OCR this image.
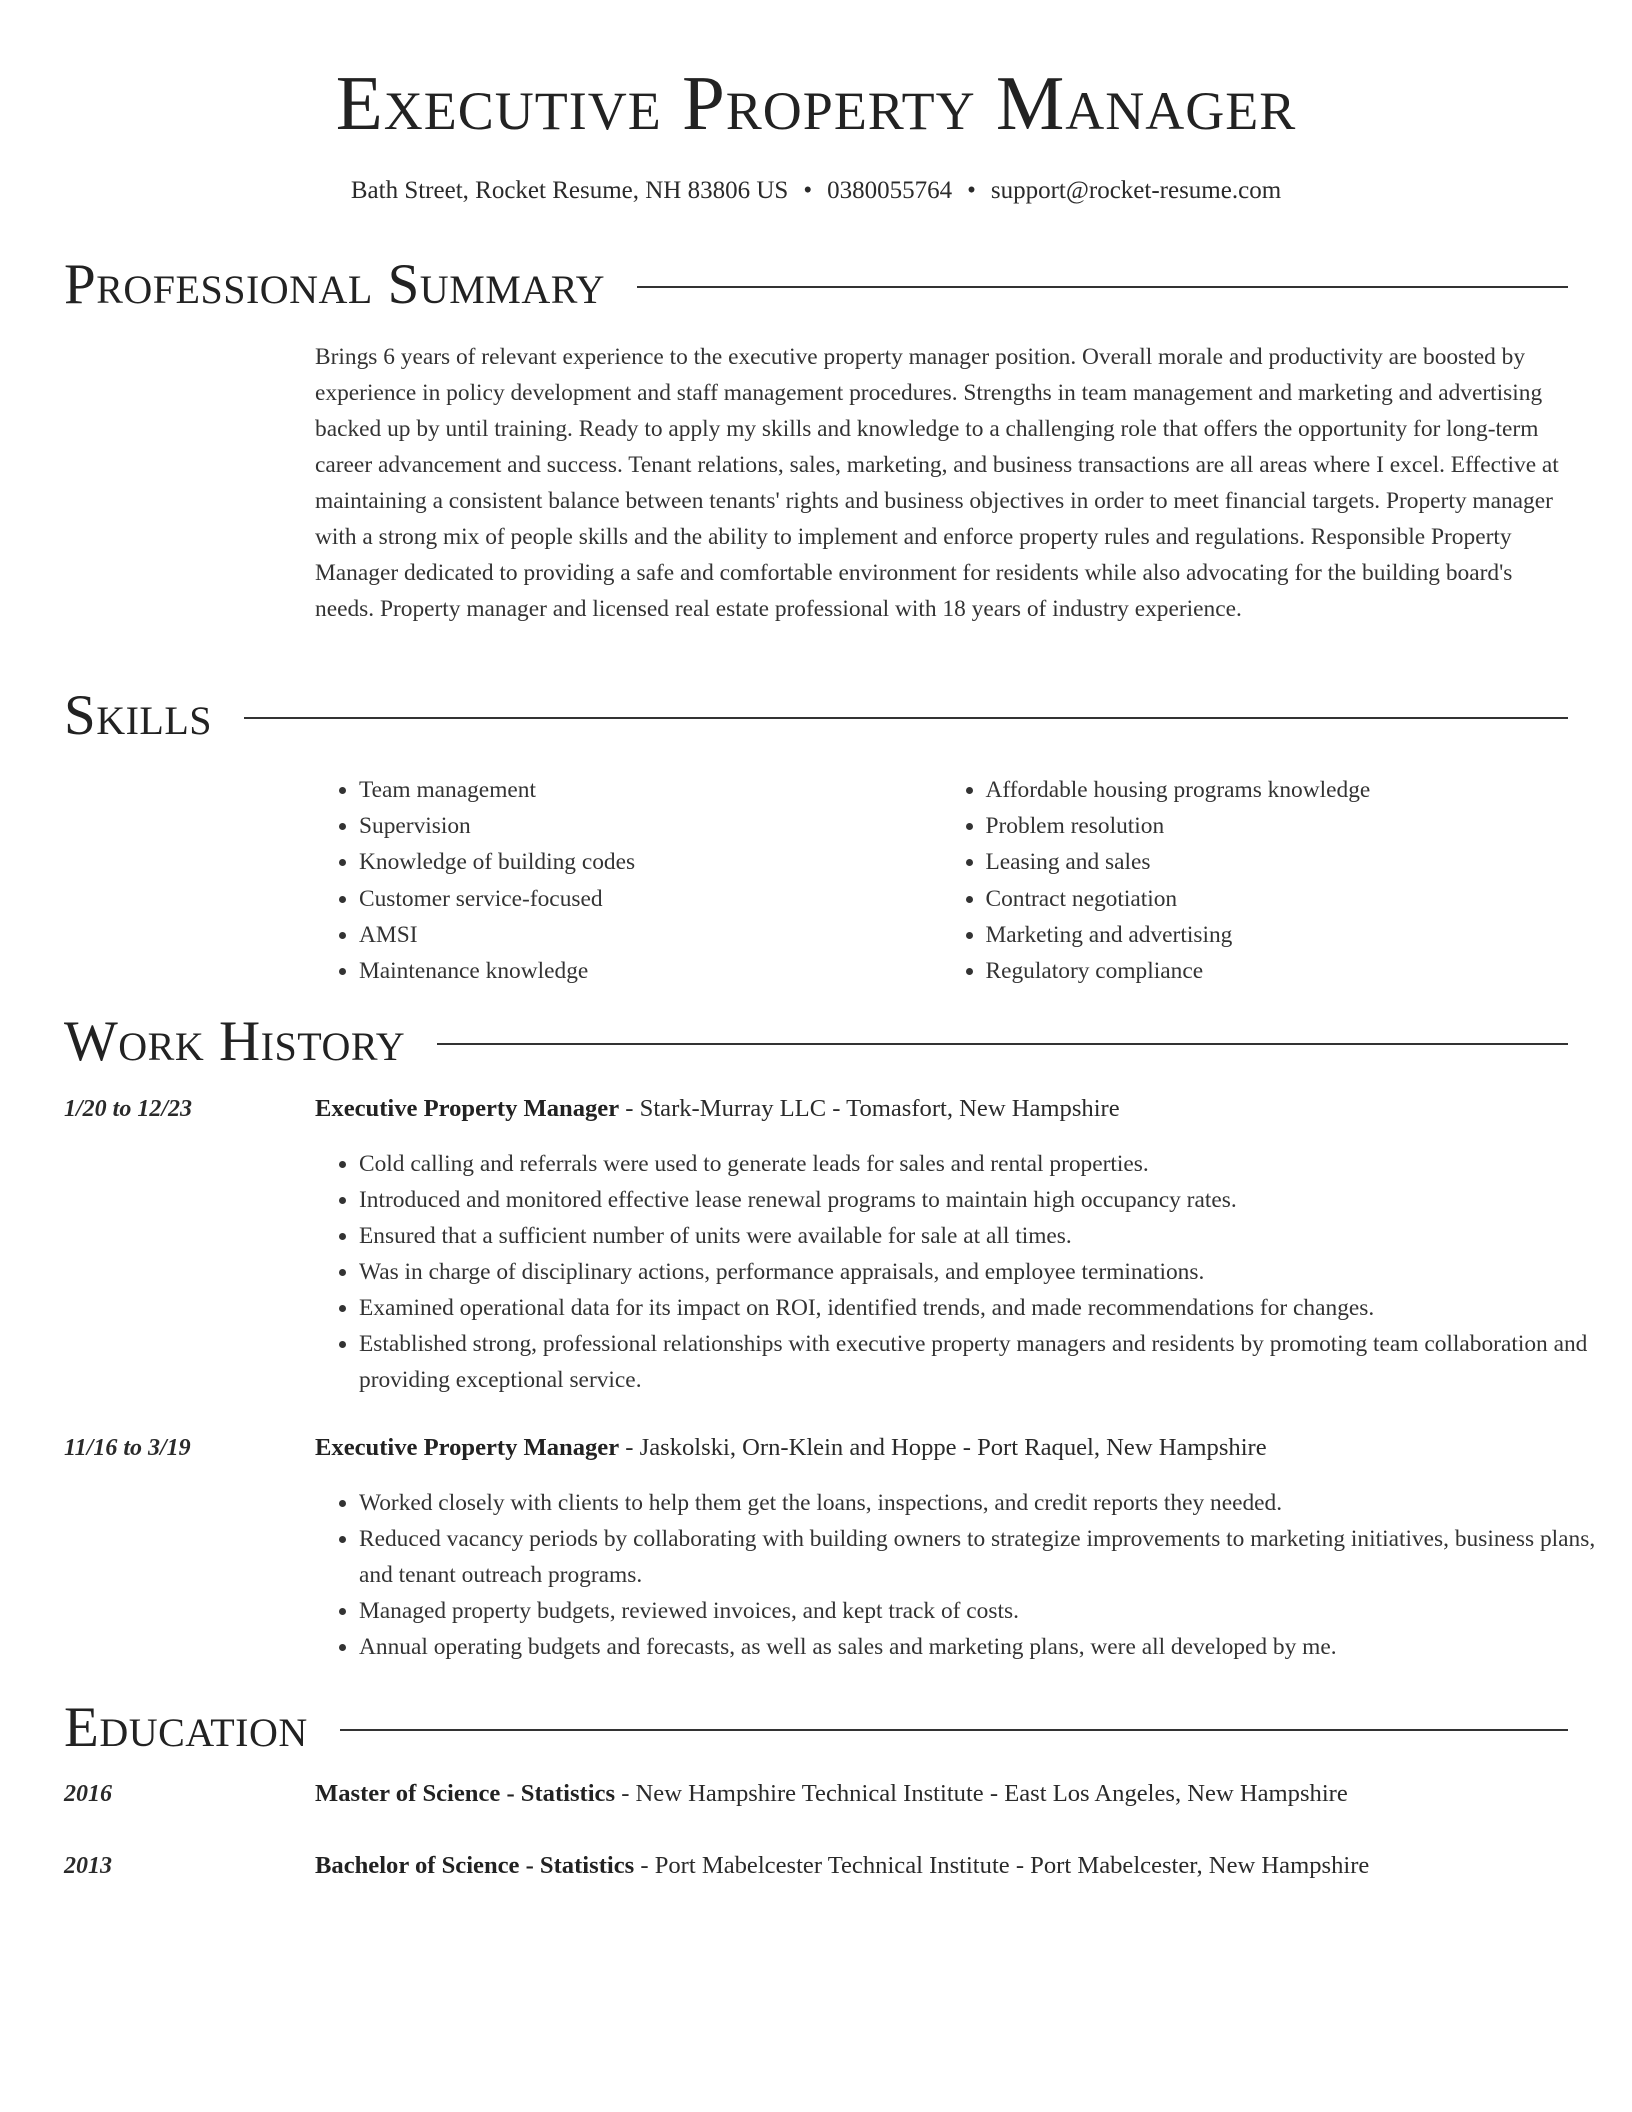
Executive Property Manager
Bath Street, Rocket Resume, NH 83806 US • 0380055764 • support@rocket-resume.com
Professional Summary

Brings 6 years of relevant experience to the executive property manager position. Overall morale and productivity are boosted by experience in policy development and staff management procedures. Strengths in team management and marketing and advertising backed up by until training. Ready to apply my skills and knowledge to a challenging role that offers the opportunity for long-term career advancement and success. Tenant relations, sales, marketing, and business transactions are all areas where I excel. Effective at maintaining a consistent balance between tenants' rights and business objectives in order to meet financial targets. Property manager with a strong mix of people skills and the ability to implement and enforce property rules and regulations. Responsible Property Manager dedicated to providing a safe and comfortable environment for residents while also advocating for the building board's needs. Property manager and licensed real estate professional with 18 years of industry experience.

Skills
• Team management
• Supervision
• Knowledge of building codes
• Customer service-focused
• AMSI
• Maintenance knowledge
• Affordable housing programs knowledge
• Problem resolution
• Leasing and sales
• Contract negotiation
• Marketing and advertising
• Regulatory compliance
Work History
1/20 to 12/23	Executive Property Manager - Stark-Murray LLC - Tomasfort, New Hampshire
• Cold calling and referrals were used to generate leads for sales and rental properties.
• Introduced and monitored effective lease renewal programs to maintain high occupancy rates.
• Ensured that a sufficient number of units were available for sale at all times.
• Was in charge of disciplinary actions, performance appraisals, and employee terminations.
• Examined operational data for its impact on ROI, identified trends, and made recommendations for changes.
• Established strong, professional relationships with executive property managers and residents by promoting team collaboration and providing exceptional service.
11/16 to 3/19	Executive Property Manager - Jaskolski, Orn-Klein and Hoppe - Port Raquel, New Hampshire
• Worked closely with clients to help them get the loans, inspections, and credit reports they needed.
• Reduced vacancy periods by collaborating with building owners to strategize improvements to marketing initiatives, business plans, and tenant outreach programs.
• Managed property budgets, reviewed invoices, and kept track of costs.
• Annual operating budgets and forecasts, as well as sales and marketing plans, were all developed by me.
Education
2016	Master of Science - Statistics - New Hampshire Technical Institute - East Los Angeles, New Hampshire
2013	Bachelor of Science - Statistics - Port Mabelcester Technical Institute - Port Mabelcester, New Hampshire
